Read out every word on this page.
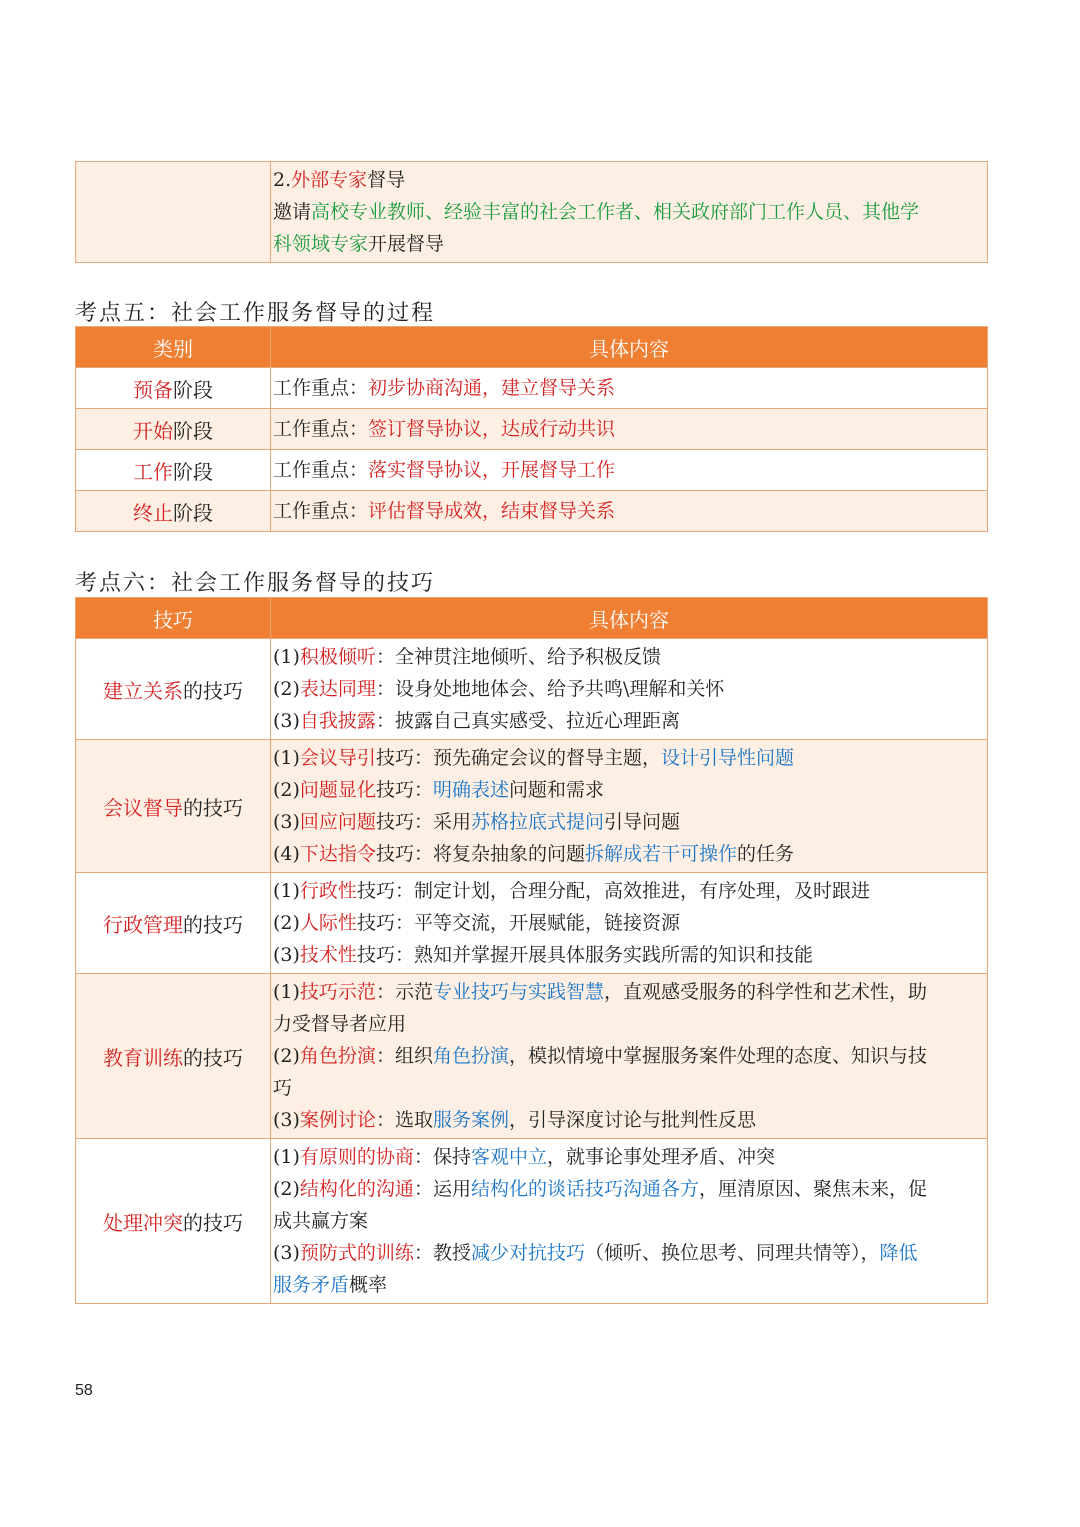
2.外部专家督导
邀请高校专业教师、经验丰富的社会工作者、相关政府部门工作人员、其他学
科领域专家开展督导
考点五：社会工作服务督导的过程
类别	具体内容
预备阶段	工作重点：初步协商沟通，建立督导关系
开始阶段	工作重点：签订督导协议，达成行动共识
工作阶段	工作重点：落实督导协议，开展督导工作
终止阶段	工作重点：评估督导成效，结束督导关系
考点六：社会工作服务督导的技巧
技巧	具体内容
建立关系的技巧	(1)积极倾听：全神贯注地倾听、给予积极反馈
(2)表达同理：设身处地地体会、给予共鸣\理解和关怀
(3)自我披露：披露自己真实感受、拉近心理距离

会议督导的技巧	(1)会议导引技巧：预先确定会议的督导主题，设计引导性问题
(2)问题显化技巧：明确表述问题和需求
(3)回应问题技巧：采用苏格拉底式提问引导问题
(4)下达指令技巧：将复杂抽象的问题拆解成若干可操作的任务

行政管理的技巧	(1)行政性技巧：制定计划，合理分配，高效推进，有序处理，及时跟进
(2)人际性技巧：平等交流，开展赋能，链接资源
(3)技术性技巧：熟知并掌握开展具体服务实践所需的知识和技能

教育训练的技巧	(1)技巧示范：示范专业技巧与实践智慧，直观感受服务的科学性和艺术性，助
力受督导者应用
(2)角色扮演：组织角色扮演，模拟情境中掌握服务案件处理的态度、知识与技
巧
(3)案例讨论：选取服务案例，引导深度讨论与批判性反思

处理冲突的技巧	(1)有原则的协商：保持客观中立，就事论事处理矛盾、冲突
(2)结构化的沟通：运用结构化的谈话技巧沟通各方，厘清原因、聚焦未来，促
成共赢方案
(3)预防式的训练：教授减少对抗技巧（倾听、换位思考、同理共情等），降低
服务矛盾概率
58
